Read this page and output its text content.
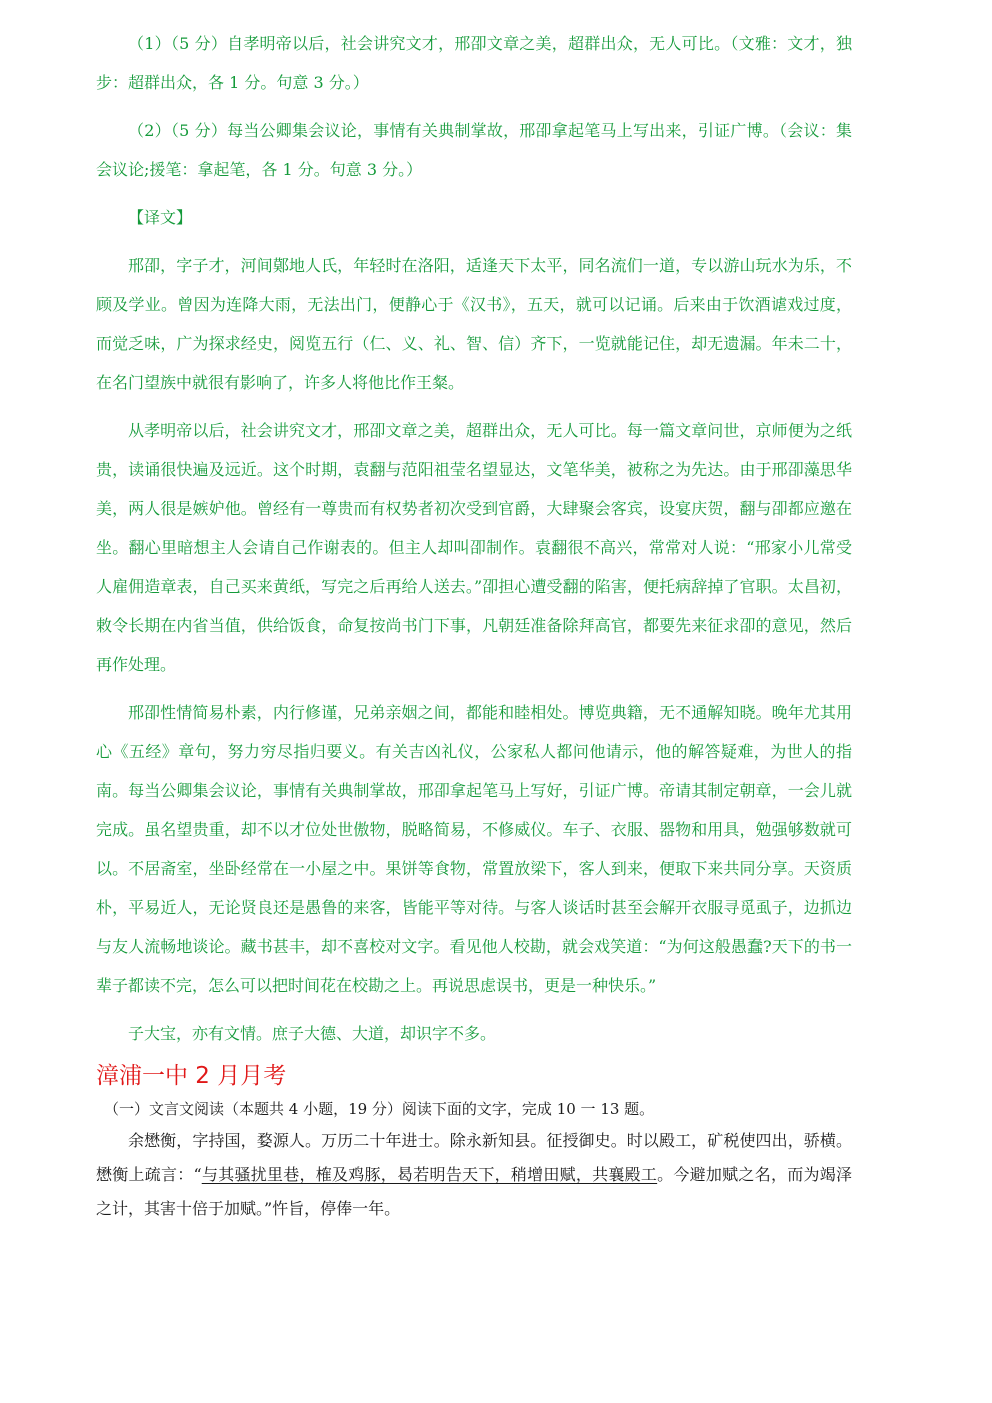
（1）（5 分）自孝明帝以后，社会讲究文才，邢卲文章之美，超群出众，无人可比。（文雅：文才，独步：超群出众，各 1 分。句意 3 分。）

（2）（5 分）每当公卿集会议论，事情有关典制掌故，邢卲拿起笔马上写出来，引证广博。（会议：集会议论;援笔：拿起笔，各 1 分。句意 3 分。）

【译文】

邢卲，字子才，河间鄚地人氏，年轻时在洛阳，适逢天下太平，同名流们一道，专以游山玩水为乐，不顾及学业。曾因为连降大雨，无法出门，便静心于《汉书》，五天，就可以记诵。后来由于饮酒谑戏过度，而觉乏味，广为探求经史，阅览五行（仁、义、礼、智、信）齐下，一览就能记住，却无遗漏。年未二十，在名门望族中就很有影响了，许多人将他比作王粲。

从孝明帝以后，社会讲究文才，邢卲文章之美，超群出众，无人可比。每一篇文章问世，京师便为之纸贵，读诵很快遍及远近。这个时期，袁翻与范阳祖莹名望显达，文笔华美，被称之为先达。由于邢卲藻思华美，两人很是嫉妒他。曾经有一尊贵而有权势者初次受到官爵，大肆聚会客宾，设宴庆贺，翻与卲都应邀在坐。翻心里暗想主人会请自己作谢表的。但主人却叫卲制作。袁翻很不高兴，常常对人说：“邢家小儿常受人雇佣造章表，自己买来黄纸，写完之后再给人送去。”卲担心遭受翻的陷害，便托病辞掉了官职。太昌初，敕令长期在内省当值，供给饭食，命复按尚书门下事，凡朝廷准备除拜高官，都要先来征求卲的意见，然后再作处理。

邢卲性情简易朴素，内行修谨，兄弟亲姻之间，都能和睦相处。博览典籍，无不通解知晓。晚年尤其用心《五经》章句，努力穷尽指归要义。有关吉凶礼仪，公家私人都问他请示，他的解答疑难，为世人的指南。每当公卿集会议论，事情有关典制掌故，邢卲拿起笔马上写好，引证广博。帝请其制定朝章，一会儿就完成。虽名望贵重，却不以才位处世傲物，脱略简易，不修威仪。车子、衣服、器物和用具，勉强够数就可以。不居斋室，坐卧经常在一小屋之中。果饼等食物，常置放梁下，客人到来，便取下来共同分享。天资质朴，平易近人，无论贤良还是愚鲁的来客，皆能平等对待。与客人谈话时甚至会解开衣服寻觅虱子，边抓边与友人流畅地谈论。藏书甚丰，却不喜校对文字。看见他人校勘，就会戏笑道：“为何这般愚蠢?天下的书一辈子都读不完，怎么可以把时间花在校勘之上。再说思虑误书，更是一种快乐。”

子大宝，亦有文情。庶子大德、大道，却识字不多。

漳浦一中 2 月月考

（一）文言文阅读（本题共 4 小题，19 分）阅读下面的文字，完成 10 一 13 题。

余懋衡，字持国，婺源人。万历二十年进士。除永新知县。征授御史。时以殿工，矿税使四出，骄横。懋衡上疏言：“与其骚扰里巷，榷及鸡豚，曷若明告天下，稍增田赋，共襄殿工。今避加赋之名，而为竭泽之计，其害十倍于加赋。”忤旨，停俸一年。
